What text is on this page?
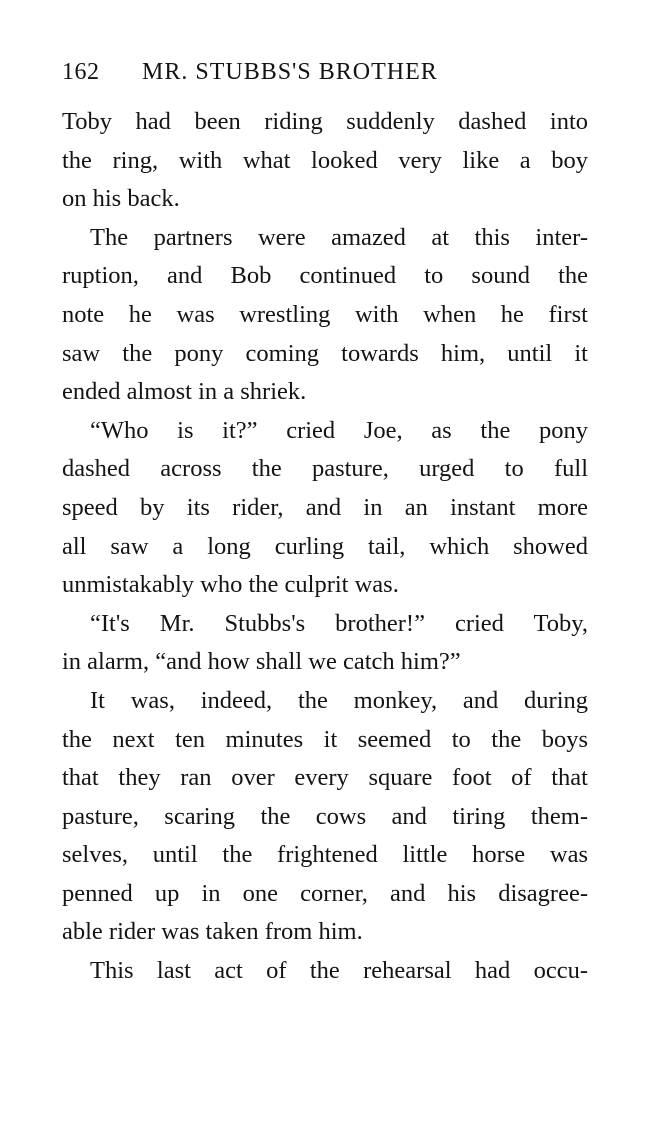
162 MR. STUBBS'S BROTHER
Toby had been riding suddenly dashed into
the ring, with what looked very like a boy
on his back.
The partners were amazed at this inter-
ruption, and Bob continued to sound the
note he was wrestling with when he first
saw the pony coming towards him, until it
ended almost in a shriek.
“Who is it?” cried Joe, as the pony
dashed across the pasture, urged to full
speed by its rider, and in an instant more
all saw a long curling tail, which showed
unmistakably who the culprit was.
“It's Mr. Stubbs's brother!” cried Toby,
in alarm, “and how shall we catch him?”
It was, indeed, the monkey, and during
the next ten minutes it seemed to the boys
that they ran over every square foot of that
pasture, scaring the cows and tiring them-
selves, until the frightened little horse was
penned up in one corner, and his disagree-
able rider was taken from him.
This last act of the rehearsal had occu-
